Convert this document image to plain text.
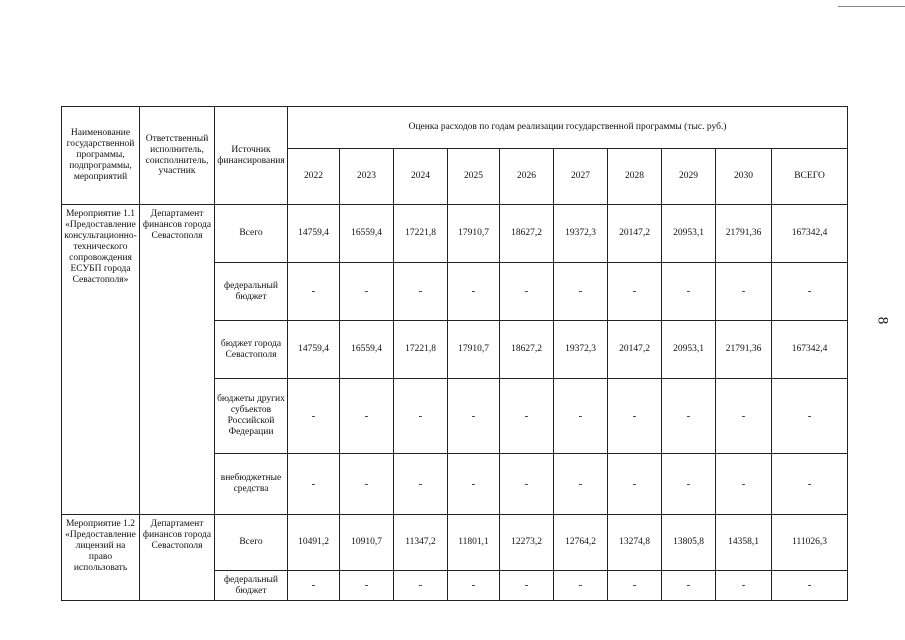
8
Наименование государственной программы, подпрограммы, мероприятий	Ответственный исполнитель, соисполнитель, участник	Источник финансирования	Оценка расходов по годам реализации государственной программы (тыс. руб.)									
			2022	2023	2024	2025	2026	2027	2028	2029	2030	ВСЕГО
Мероприятие 1.1 «Предоставление консультационно-технического сопровождения ЕСУБП города Севастополя»	Департамент финансов города Севастополя	Всего	14759,4	16559,4	17221,8	17910,7	18627,2	19372,3	20147,2	20953,1	21791,36	167342,4
		федеральный бюджет	-	-	-	-	-	-	-	-	-	-
		бюджет города Севастополя	14759,4	16559,4	17221,8	17910,7	18627,2	19372,3	20147,2	20953,1	21791,36	167342,4
		бюджеты других субъектов Российской Федерации	-	-	-	-	-	-	-	-	-	-
		внебюджетные средства	-	-	-	-	-	-	-	-	-	-
Мероприятие 1.2 «Предоставление лицензий на право использовать	Департамент финансов города Севастополя	Всего	10491,2	10910,7	11347,2	11801,1	12273,2	12764,2	13274,8	13805,8	14358,1	111026,3
		федеральный бюджет	-	-	-	-	-	-	-	-	-	-
